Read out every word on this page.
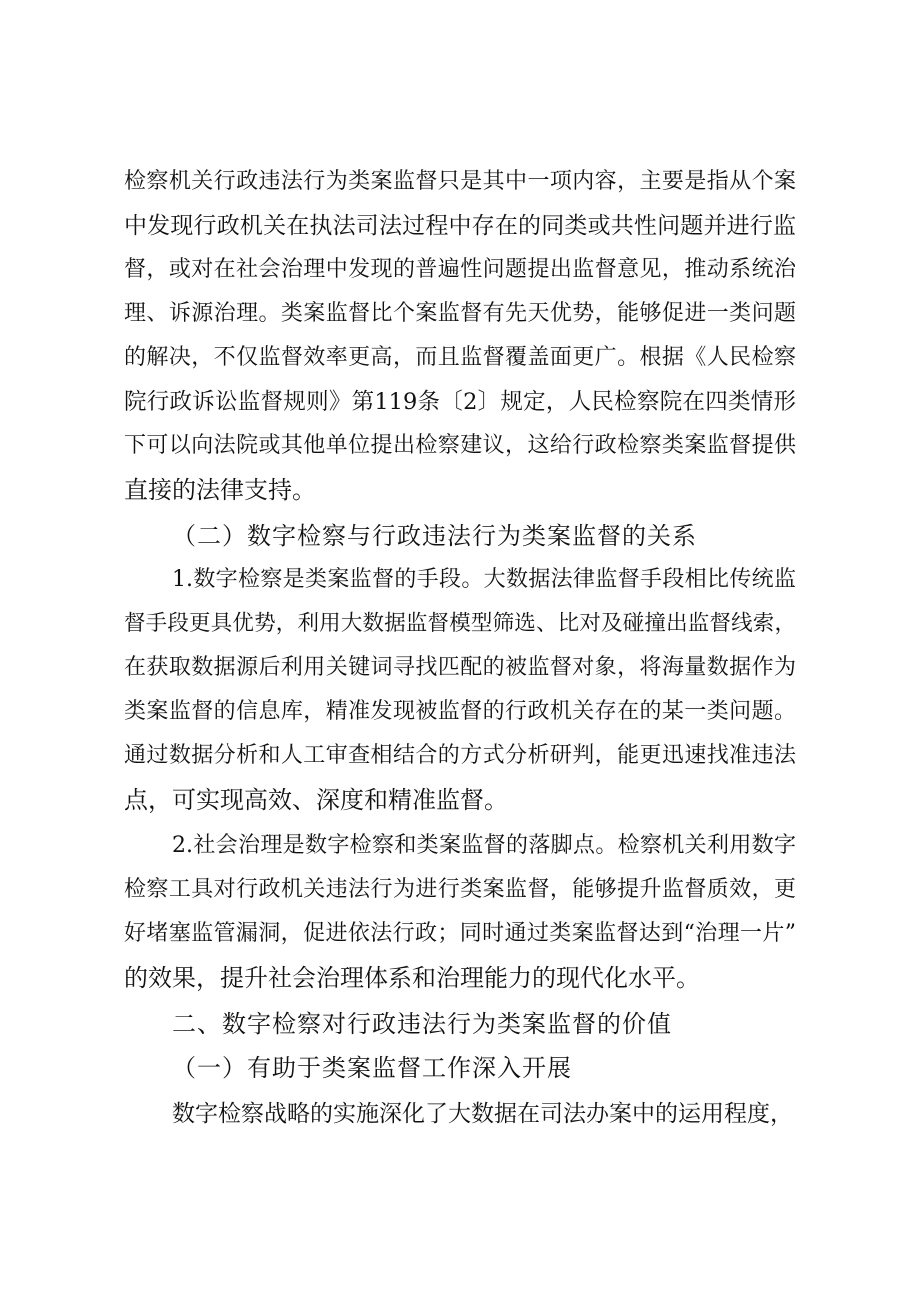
检察机关行政违法行为类案监督只是其中一项内容，主要是指从个案
中发现行政机关在执法司法过程中存在的同类或共性问题并进行监
督，或对在社会治理中发现的普遍性问题提出监督意见，推动系统治
理、诉源治理。类案监督比个案监督有先天优势，能够促进一类问题
的解决，不仅监督效率更高，而且监督覆盖面更广。根据《人民检察
院行政诉讼监督规则》第119条〔2〕规定，人民检察院在四类情形
下可以向法院或其他单位提出检察建议，这给行政检察类案监督提供
直接的法律支持。
（二）数字检察与行政违法行为类案监督的关系
1.数字检察是类案监督的手段。大数据法律监督手段相比传统监
督手段更具优势，利用大数据监督模型筛选、比对及碰撞出监督线索，
在获取数据源后利用关键词寻找匹配的被监督对象，将海量数据作为
类案监督的信息库，精准发现被监督的行政机关存在的某一类问题。
通过数据分析和人工审查相结合的方式分析研判，能更迅速找准违法
点，可实现高效、深度和精准监督。
2.社会治理是数字检察和类案监督的落脚点。检察机关利用数字
检察工具对行政机关违法行为进行类案监督，能够提升监督质效，更
好堵塞监管漏洞，促进依法行政；同时通过类案监督达到“治理一片”
的效果，提升社会治理体系和治理能力的现代化水平。
二、数字检察对行政违法行为类案监督的价值
（一）有助于类案监督工作深入开展
数字检察战略的实施深化了大数据在司法办案中的运用程度，
